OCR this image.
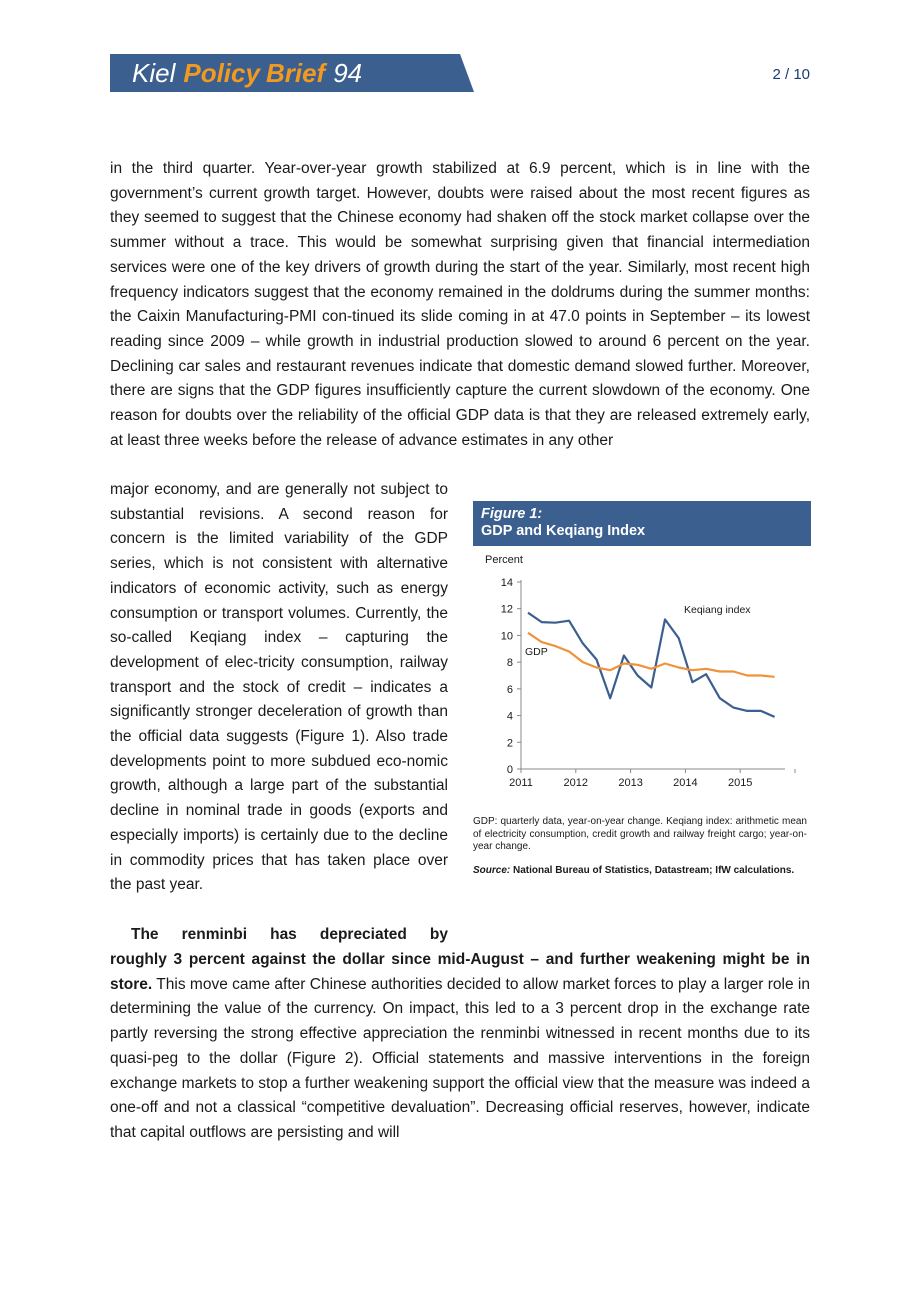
Kiel Policy Brief 94	2 / 10

in the third quarter. Year-over-year growth stabilized at 6.9 percent, which is in line with the government’s current growth target. However, doubts were raised about the most recent figures as they seemed to suggest that the Chinese economy had shaken off the stock market collapse over the summer without a trace. This would be somewhat surprising given that financial intermediation services were one of the key drivers of growth during the start of the year. Similarly, most recent high frequency indicators suggest that the economy remained in the doldrums during the summer months: the Caixin Manufacturing-PMI con-tinued its slide coming in at 47.0 points in September – its lowest reading since 2009 – while growth in industrial production slowed to around 6 percent on the year. Declining car sales and restaurant revenues indicate that domestic demand slowed further. Moreover, there are signs that the GDP figures insufficiently capture the current slowdown of the economy. One reason for doubts over the reliability of the official GDP data is that they are released extremely early, at least three weeks before the release of advance estimates in any other

major economy, and are generally not subject to substantial revisions. A second reason for concern is the limited variability of the GDP series, which is not consistent with alternative indicators of economic activity, such as energy consumption or transport volumes. Currently, the so-called Keqiang index – capturing the development of elec-tricity consumption, railway transport and the stock of credit – indicates a significantly stronger deceleration of growth than the official data suggests (Figure 1). Also trade developments point to more subdued eco-nomic growth, although a large part of the substantial decline in nominal trade in goods (exports and especially imports) is certainly due to the decline in commodity prices that has taken place over the past year.

The renminbi has depreciated by

roughly 3 percent against the dollar since mid-August – and further weakening might be in store. This move came after Chinese authorities decided to allow market forces to play a larger role in determining the value of the currency. On impact, this led to a 3 percent drop in the exchange rate partly reversing the strong effective appreciation the renminbi witnessed in recent months due to its quasi-peg to the dollar (Figure 2). Official statements and massive interventions in the foreign exchange markets to stop a further weakening support the official view that the measure was indeed a one-off and not a classical “competitive devaluation”. Decreasing official reserves, however, indicate that capital outflows are persisting and will

Figure 1:
GDP and Keqiang Index
Percent
0
2
4
6
8
10
12
14
2011	2012	2013	2014	2015
Keqiang index
GDP

GDP: quarterly data, year-on-year change. Keqiang index: arithmetic mean of electricity consumption, credit growth and railway freight cargo; year-on-year change.

Source: National Bureau of Statistics, Datastream; IfW calculations.
